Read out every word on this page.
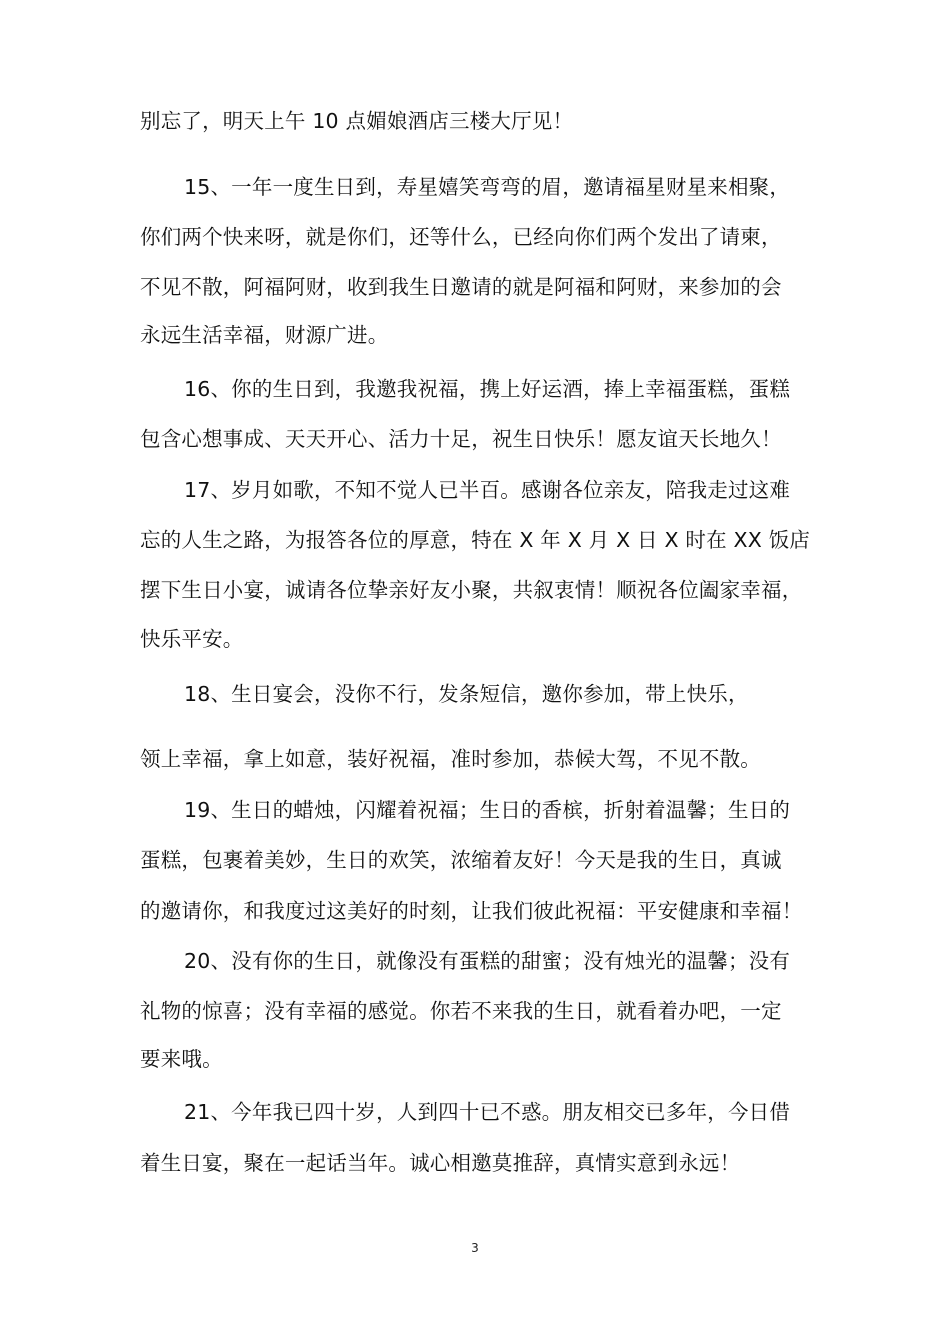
别忘了，明天上午 10 点媚娘酒店三楼大厅见！
15、一年一度生日到，寿星嬉笑弯弯的眉，邀请福星财星来相聚，
你们两个快来呀，就是你们，还等什么，已经向你们两个发出了请柬，
不见不散，阿福阿财，收到我生日邀请的就是阿福和阿财，来参加的会
永远生活幸福，财源广进。
16、你的生日到，我邀我祝福，携上好运酒，捧上幸福蛋糕，蛋糕
包含心想事成、天天开心、活力十足，祝生日快乐！愿友谊天长地久！
17、岁月如歌，不知不觉人已半百。感谢各位亲友，陪我走过这难
忘的人生之路，为报答各位的厚意，特在 X 年 X 月 X 日 X 时在 XX 饭店
摆下生日小宴，诚请各位挚亲好友小聚，共叙衷情！顺祝各位阖家幸福，
快乐平安。
18、生日宴会，没你不行，发条短信，邀你参加，带上快乐，
领上幸福，拿上如意，装好祝福，准时参加，恭候大驾，不见不散。
19、生日的蜡烛，闪耀着祝福；生日的香槟，折射着温馨；生日的
蛋糕，包裹着美妙，生日的欢笑，浓缩着友好！今天是我的生日，真诚
的邀请你，和我度过这美好的时刻，让我们彼此祝福：平安健康和幸福！
20、没有你的生日，就像没有蛋糕的甜蜜；没有烛光的温馨；没有
礼物的惊喜；没有幸福的感觉。你若不来我的生日，就看着办吧，一定
要来哦。
21、今年我已四十岁，人到四十已不惑。朋友相交已多年，今日借
着生日宴，聚在一起话当年。诚心相邀莫推辞，真情实意到永远！
3
